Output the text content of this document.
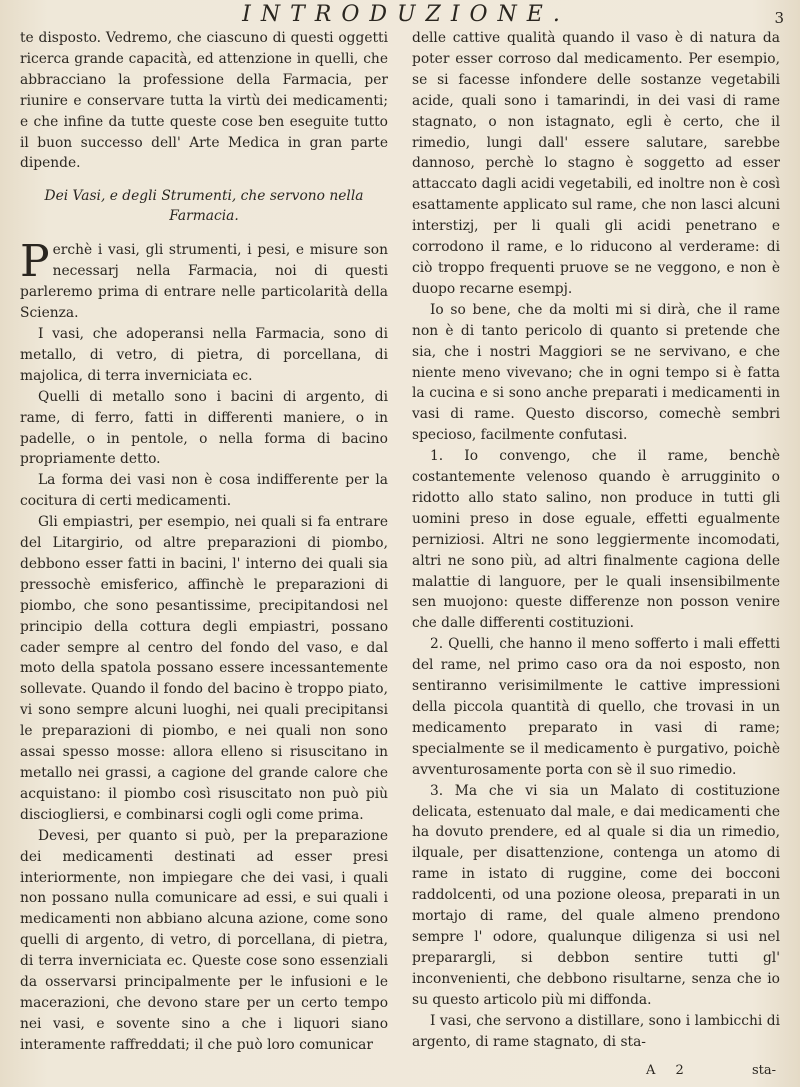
INTRODUZIONE.	3

te disposto. Vedremo, che ciascuno di questi oggetti ricerca grande capacità, ed attenzione in quelli, che abbracciano la professione della Farmacia, per riunire e conservare tutta la virtù dei medicamenti; e che infine da tutte queste cose ben eseguite tutto il buon successo dell' Arte Medica in gran parte dipende.

Dei Vasi, e degli Strumenti, che servono nella Farmacia.

Perchè i vasi, gli strumenti, i pesi, e misure son necessarj nella Farmacia, noi di questi parleremo prima di entrare nelle particolarità della Scienza.

I vasi, che adoperansi nella Farmacia, sono di metallo, di vetro, di pietra, di porcellana, di majolica, di terra inverniciata ec.

Quelli di metallo sono i bacini di argento, di rame, di ferro, fatti in differenti maniere, o in padelle, o in pentole, o nella forma di bacino propriamente detto.

La forma dei vasi non è cosa indifferente per la cocitura di certi medicamenti.

Gli empiastri, per esempio, nei quali si fa entrare del Litargirio, od altre preparazioni di piombo, debbono esser fatti in bacini, l' interno dei quali sia pressochè emisferico, affinchè le preparazioni di piombo, che sono pesantissime, precipitandosi nel principio della cottura degli empiastri, possano cader sempre al centro del fondo del vaso, e dal moto della spatola possano essere incessantemente sollevate. Quando il fondo del bacino è troppo piato, vi sono sempre alcuni luoghi, nei quali precipitansi le preparazioni di piombo, e nei quali non sono assai spesso mosse: allora elleno si risuscitano in metallo nei grassi, a cagione del grande calore che acquistano: il piombo così risuscitato non può più disciogliersi, e combinarsi cogli ogli come prima.

Devesi, per quanto si può, per la preparazione dei medicamenti destinati ad esser presi interiormente, non impiegare che dei vasi, i quali non possano nulla comunicare ad essi, e sui quali i medicamenti non abbiano alcuna azione, come sono quelli di argento, di vetro, di porcellana, di pietra, di terra inverniciata ec. Queste cose sono essenziali da osservarsi principalmente per le infusioni e le macerazioni, che devono stare per un certo tempo nei vasi, e sovente sino a che i liquori siano interamente raffreddati; il che può loro comunicar

delle cattive qualità quando il vaso è di natura da poter esser corroso dal medicamento. Per esempio, se si facesse infondere delle sostanze vegetabili acide, quali sono i tamarindi, in dei vasi di rame stagnato, o non istagnato, egli è certo, che il rimedio, lungi dall' essere salutare, sarebbe dannoso, perchè lo stagno è soggetto ad esser attaccato dagli acidi vegetabili, ed inoltre non è così esattamente applicato sul rame, che non lasci alcuni interstizj, per li quali gli acidi penetrano e corrodono il rame, e lo riducono al verderame: di ciò troppo frequenti pruove se ne veggono, e non è duopo recarne esempj.

Io so bene, che da molti mi si dirà, che il rame non è di tanto pericolo di quanto si pretende che sia, che i nostri Maggiori se ne servivano, e che niente meno vivevano; che in ogni tempo si è fatta la cucina e si sono anche preparati i medicamenti in vasi di rame. Questo discorso, comechè sembri specioso, facilmente confutasi.

1. Io convengo, che il rame, benchè costantemente velenoso quando è arrugginito o ridotto allo stato salino, non produce in tutti gli uomini preso in dose eguale, effetti egualmente perniziosi. Altri ne sono leggiermente incomodati, altri ne sono più, ad altri finalmente cagiona delle malattie di languore, per le quali insensibilmente sen muojono: queste differenze non posson venire che dalle differenti costituzioni.

2. Quelli, che hanno il meno sofferto i mali effetti del rame, nel primo caso ora da noi esposto, non sentiranno verisimilmente le cattive impressioni della piccola quantità di quello, che trovasi in un medicamento preparato in vasi di rame; specialmente se il medicamento è purgativo, poichè avventurosamente porta con sè il suo rimedio.

3. Ma che vi sia un Malato di costituzione delicata, estenuato dal male, e dai medicamenti che ha dovuto prendere, ed al quale si dia un rimedio, ilquale, per disattenzione, contenga un atomo di rame in istato di ruggine, come dei bocconi raddolcenti, od una pozione oleosa, preparati in un mortajo di rame, del quale almeno prendono sempre l' odore, qualunque diligenza si usi nel preparargli, si debbon sentire tutti gl' inconvenienti, che debbono risultarne, senza che io su questo articolo più mi diffonda.

I vasi, che servono a distillare, sono i lambicchi di argento, di rame stagnato, di sta-

A 2	sta-
